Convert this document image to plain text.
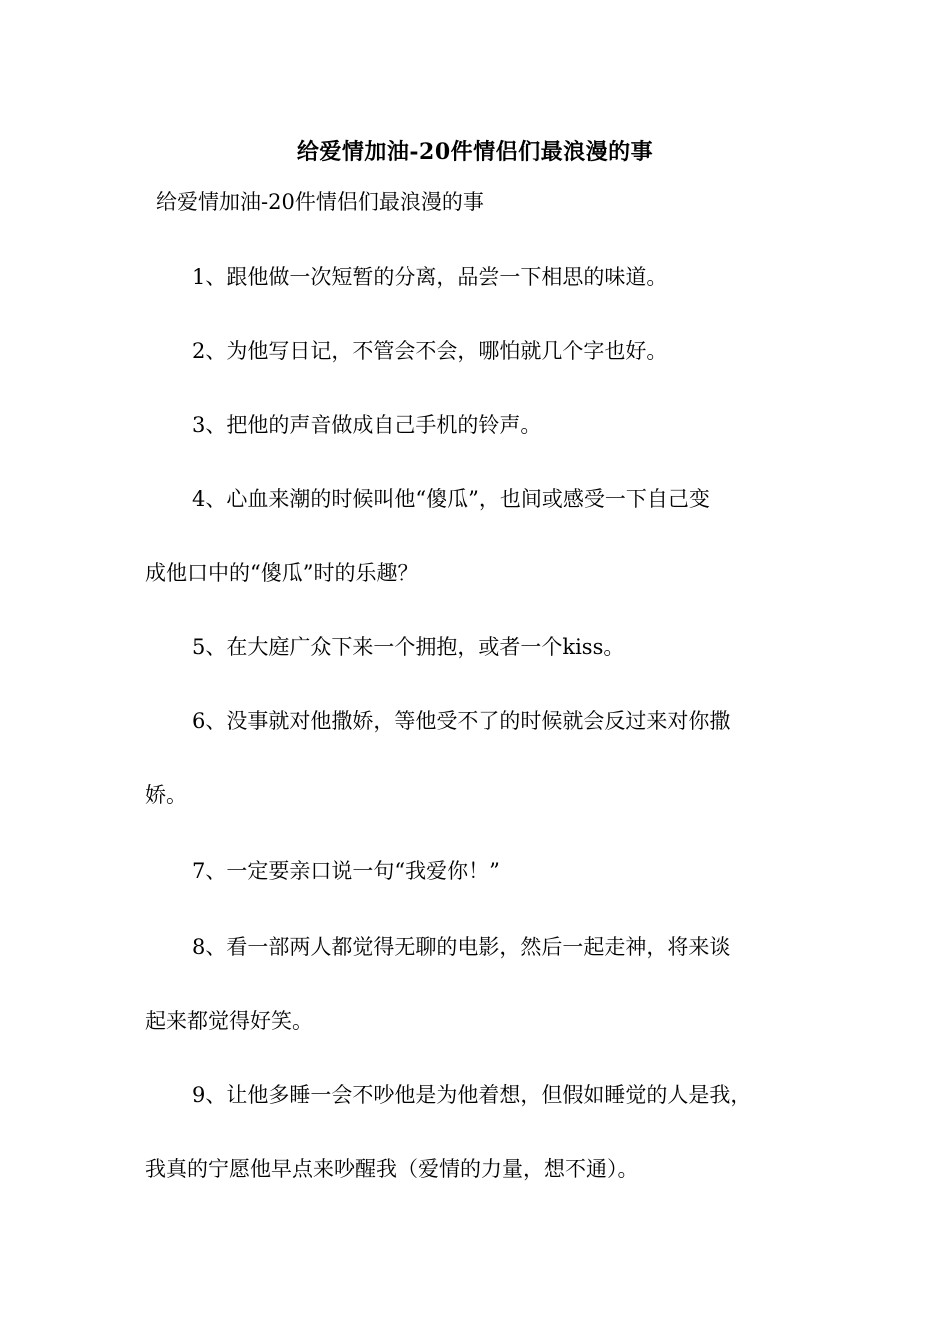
给爱情加油-20件情侣们最浪漫的事
给爱情加油-20件情侣们最浪漫的事
1、跟他做一次短暂的分离，品尝一下相思的味道。
2、为他写日记，不管会不会，哪怕就几个字也好。
3、把他的声音做成自己手机的铃声。
4、心血来潮的时候叫他“傻瓜”，也间或感受一下自己变
成他口中的“傻瓜”时的乐趣？
5、在大庭广众下来一个拥抱，或者一个kiss。
6、没事就对他撒娇，等他受不了的时候就会反过来对你撒
娇。
7、一定要亲口说一句“我爱你！”
8、看一部两人都觉得无聊的电影，然后一起走神，将来谈
起来都觉得好笑。
9、让他多睡一会不吵他是为他着想，但假如睡觉的人是我，
我真的宁愿他早点来吵醒我（爱情的力量，想不通）。
